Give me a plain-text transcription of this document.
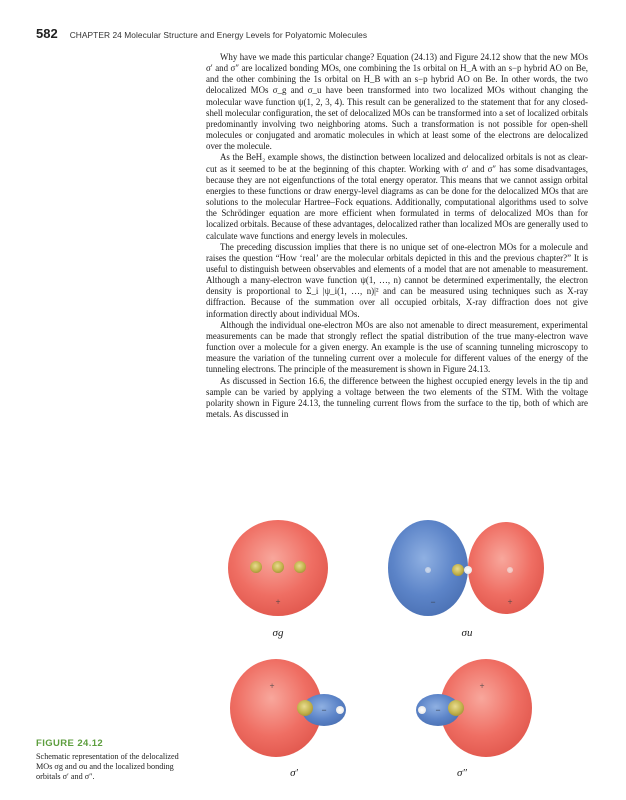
582 CHAPTER 24 Molecular Structure and Energy Levels for Polyatomic Molecules

Why have we made this particular change? Equation (24.13) and Figure 24.12 show that the new MOs σ′ and σ″ are localized bonding MOs, one combining the 1s orbital on H_A with an s−p hybrid AO on Be, and the other combining the 1s orbital on H_B with an s−p hybrid AO on Be. In other words, the two delocalized MOs σ_g and σ_u have been transformed into two localized MOs without changing the molecular wave function ψ(1, 2, 3, 4). This result can be generalized to the statement that for any closed-shell molecular configuration, the set of delocalized MOs can be transformed into a set of localized orbitals predominantly involving two neighboring atoms. Such a transformation is not possible for open-shell molecules or conjugated and aromatic molecules in which at least some of the electrons are delocalized over the molecule.

As the BeH₂ example shows, the distinction between localized and delocalized orbitals is not as clear-cut as it seemed to be at the beginning of this chapter. Working with σ′ and σ″ has some disadvantages, because they are not eigenfunctions of the total energy operator. This means that we cannot assign orbital energies to these functions or draw energy-level diagrams as can be done for the delocalized MOs that are solutions to the molecular Hartree–Fock equations. Additionally, computational algorithms used to solve the Schrödinger equation are more efficient when formulated in terms of delocalized MOs than for localized orbitals. Because of these advantages, delocalized rather than localized MOs are generally used to calculate wave functions and energy levels in molecules.

The preceding discussion implies that there is no unique set of one-electron MOs for a molecule and raises the question “How ‘real’ are the molecular orbitals depicted in this and the previous chapter?” It is useful to distinguish between observables and elements of a model that are not amenable to measurement. Although a many-electron wave function ψ(1, …, n) cannot be determined experimentally, the electron density is proportional to Σ_i |ψ_i(1, …, n)|² and can be measured using techniques such as X-ray diffraction. Because of the summation over all occupied orbitals, X-ray diffraction does not give information directly about individual MOs.

Although the individual one-electron MOs are also not amenable to direct measurement, experimental measurements can be made that strongly reflect the spatial distribution of the true many-electron wave function over a molecule for a given energy. An example is the use of scanning tunneling microscopy to measure the variation of the tunneling current over a molecule for different values of the energy of the tunneling electrons. The principle of the measurement is shown in Figure 24.13.

As discussed in Section 16.6, the difference between the highest occupied energy levels in the tip and sample can be varied by applying a voltage between the two elements of the STM. With the voltage polarity shown in Figure 24.13, the tunneling current flows from the surface to the tip, both of which are metals. As discussed in

+
σg
−	+
σu
+
−
σ′
+
−
σ″
FIGURE 24.12
Schematic representation of the delocalized MOs σg and σu and the localized bonding orbitals σ′ and σ″.
